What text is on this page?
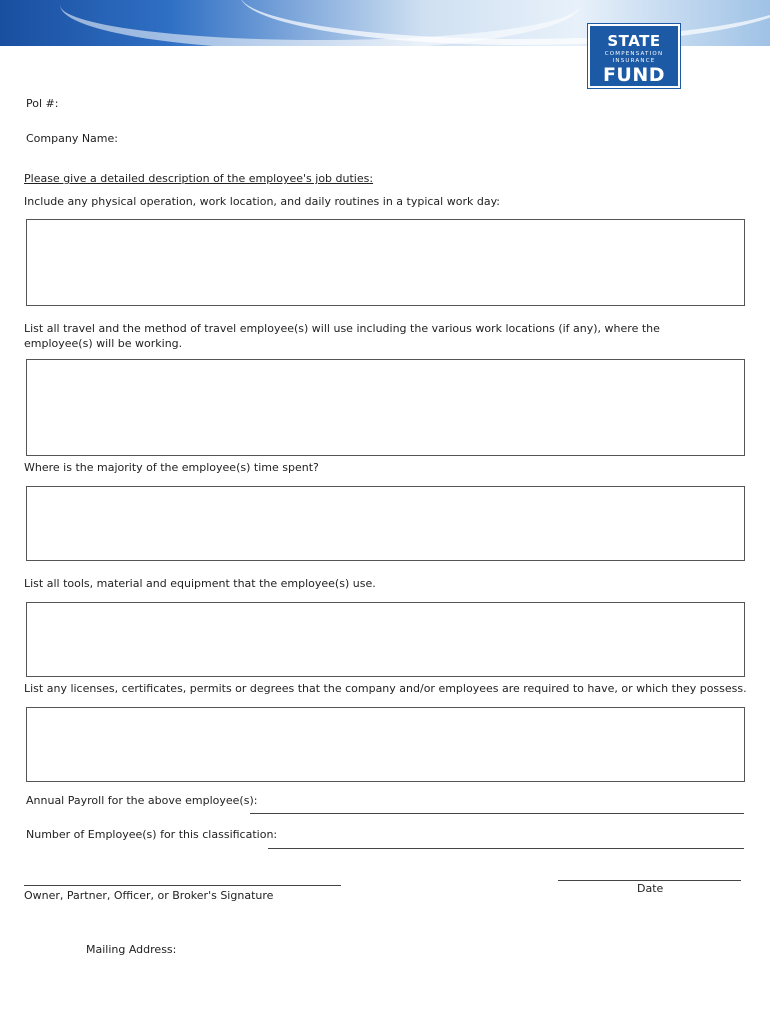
STATE
COMPENSATION
INSURANCE
FUND
Pol #:
Company Name:
Please give a detailed description of the employee's job duties:
Include any physical operation, work location, and daily routines in a typical work day:
List all travel and the method of travel employee(s) will use including the various work locations (if any), where the employee(s) will be working.
Where is the majority of the employee(s) time spent?
List all tools, material and equipment that the employee(s) use.
List any licenses, certificates, permits or degrees that the company and/or employees are required to have, or which they possess.
Annual Payroll for the above employee(s):
Number of Employee(s) for this classification:
Owner, Partner, Officer, or Broker's Signature
Date
Mailing Address:
